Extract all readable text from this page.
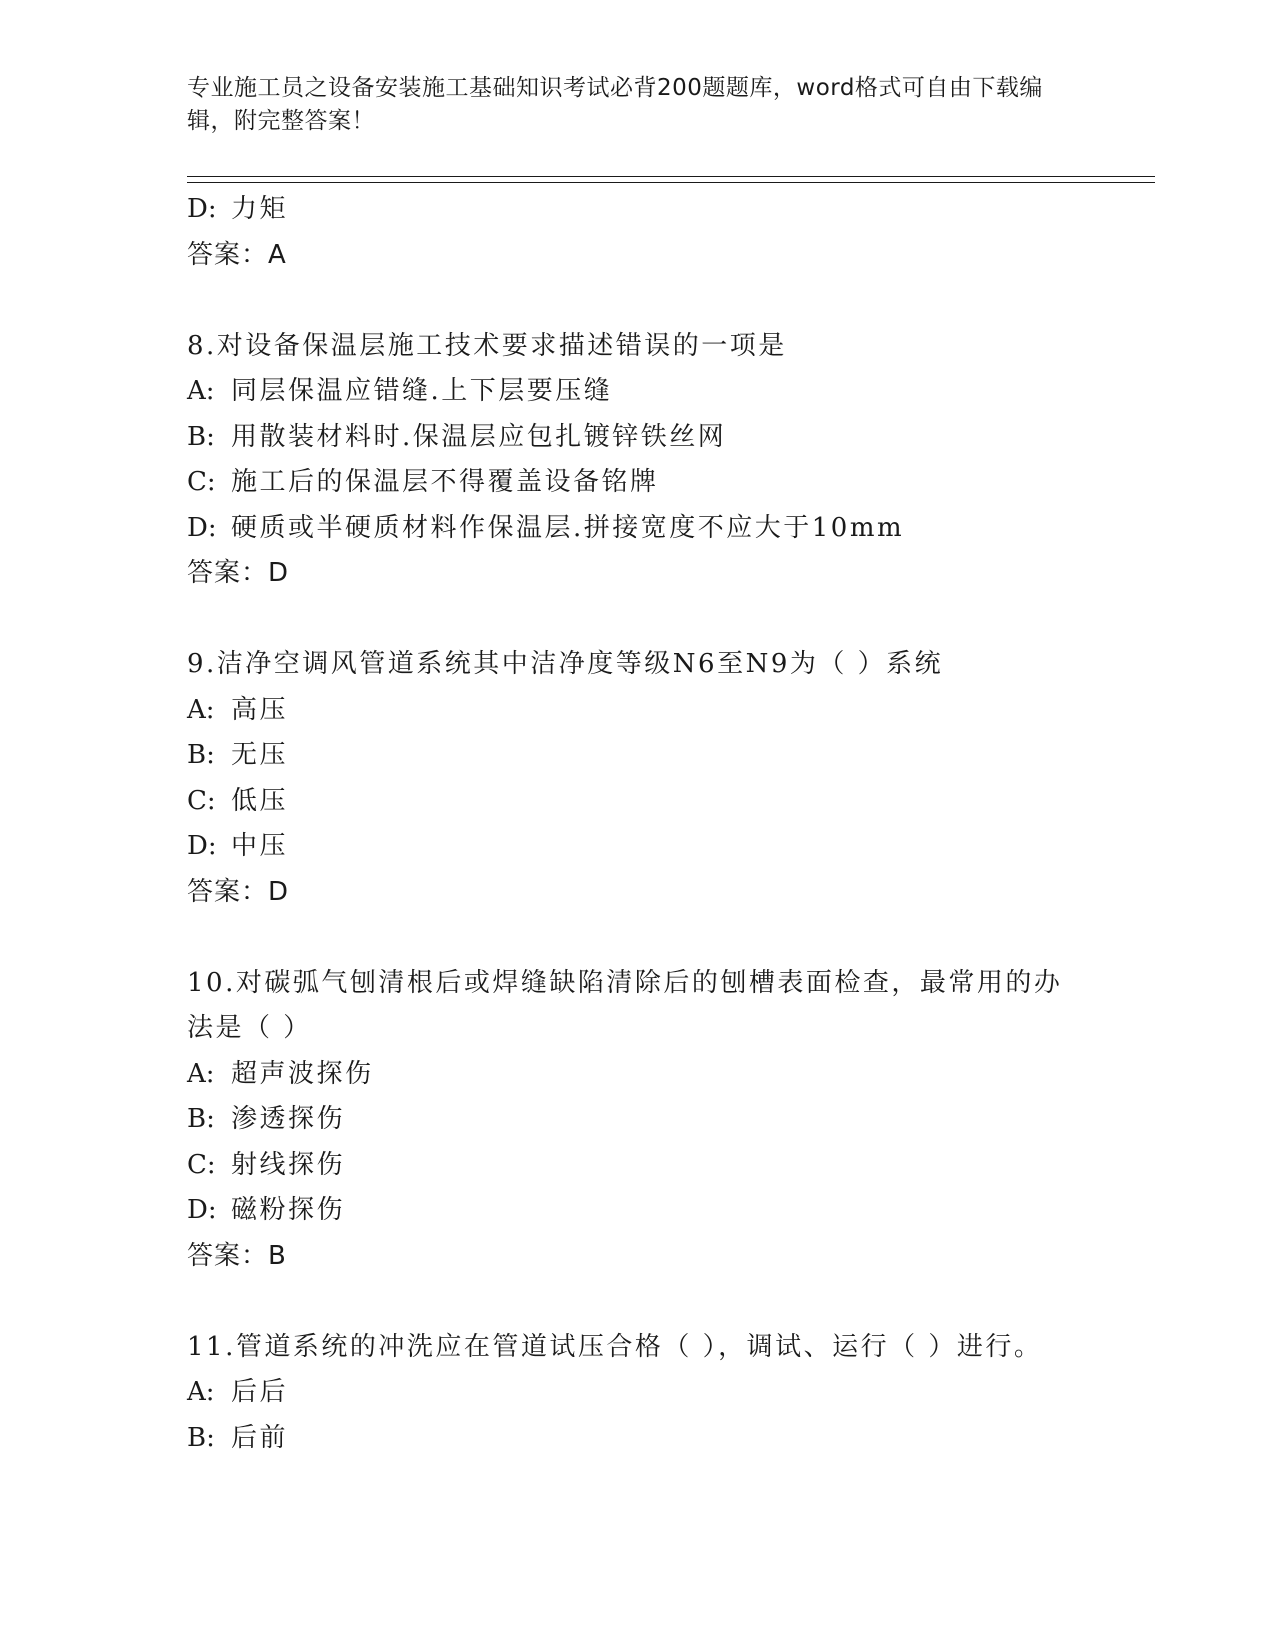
专业施工员之设备安装施工基础知识考试必背200题题库，word格式可自由下载编辑，附完整答案！
D: 力矩
答案：A
8.对设备保温层施工技术要求描述错误的一项是
A: 同层保温应错缝.上下层要压缝
B: 用散装材料时.保温层应包扎镀锌铁丝网
C: 施工后的保温层不得覆盖设备铭牌
D: 硬质或半硬质材料作保温层.拼接宽度不应大于10mm
答案：D
9.洁净空调风管道系统其中洁净度等级N6至N9为（ ）系统
A: 高压
B: 无压
C: 低压
D: 中压
答案：D
10.对碳弧气刨清根后或焊缝缺陷清除后的刨槽表面检查，最常用的办法是（ ）
A: 超声波探伤
B: 渗透探伤
C: 射线探伤
D: 磁粉探伤
答案：B
11.管道系统的冲洗应在管道试压合格（ ），调试、运行（ ）进行。
A: 后后
B: 后前
